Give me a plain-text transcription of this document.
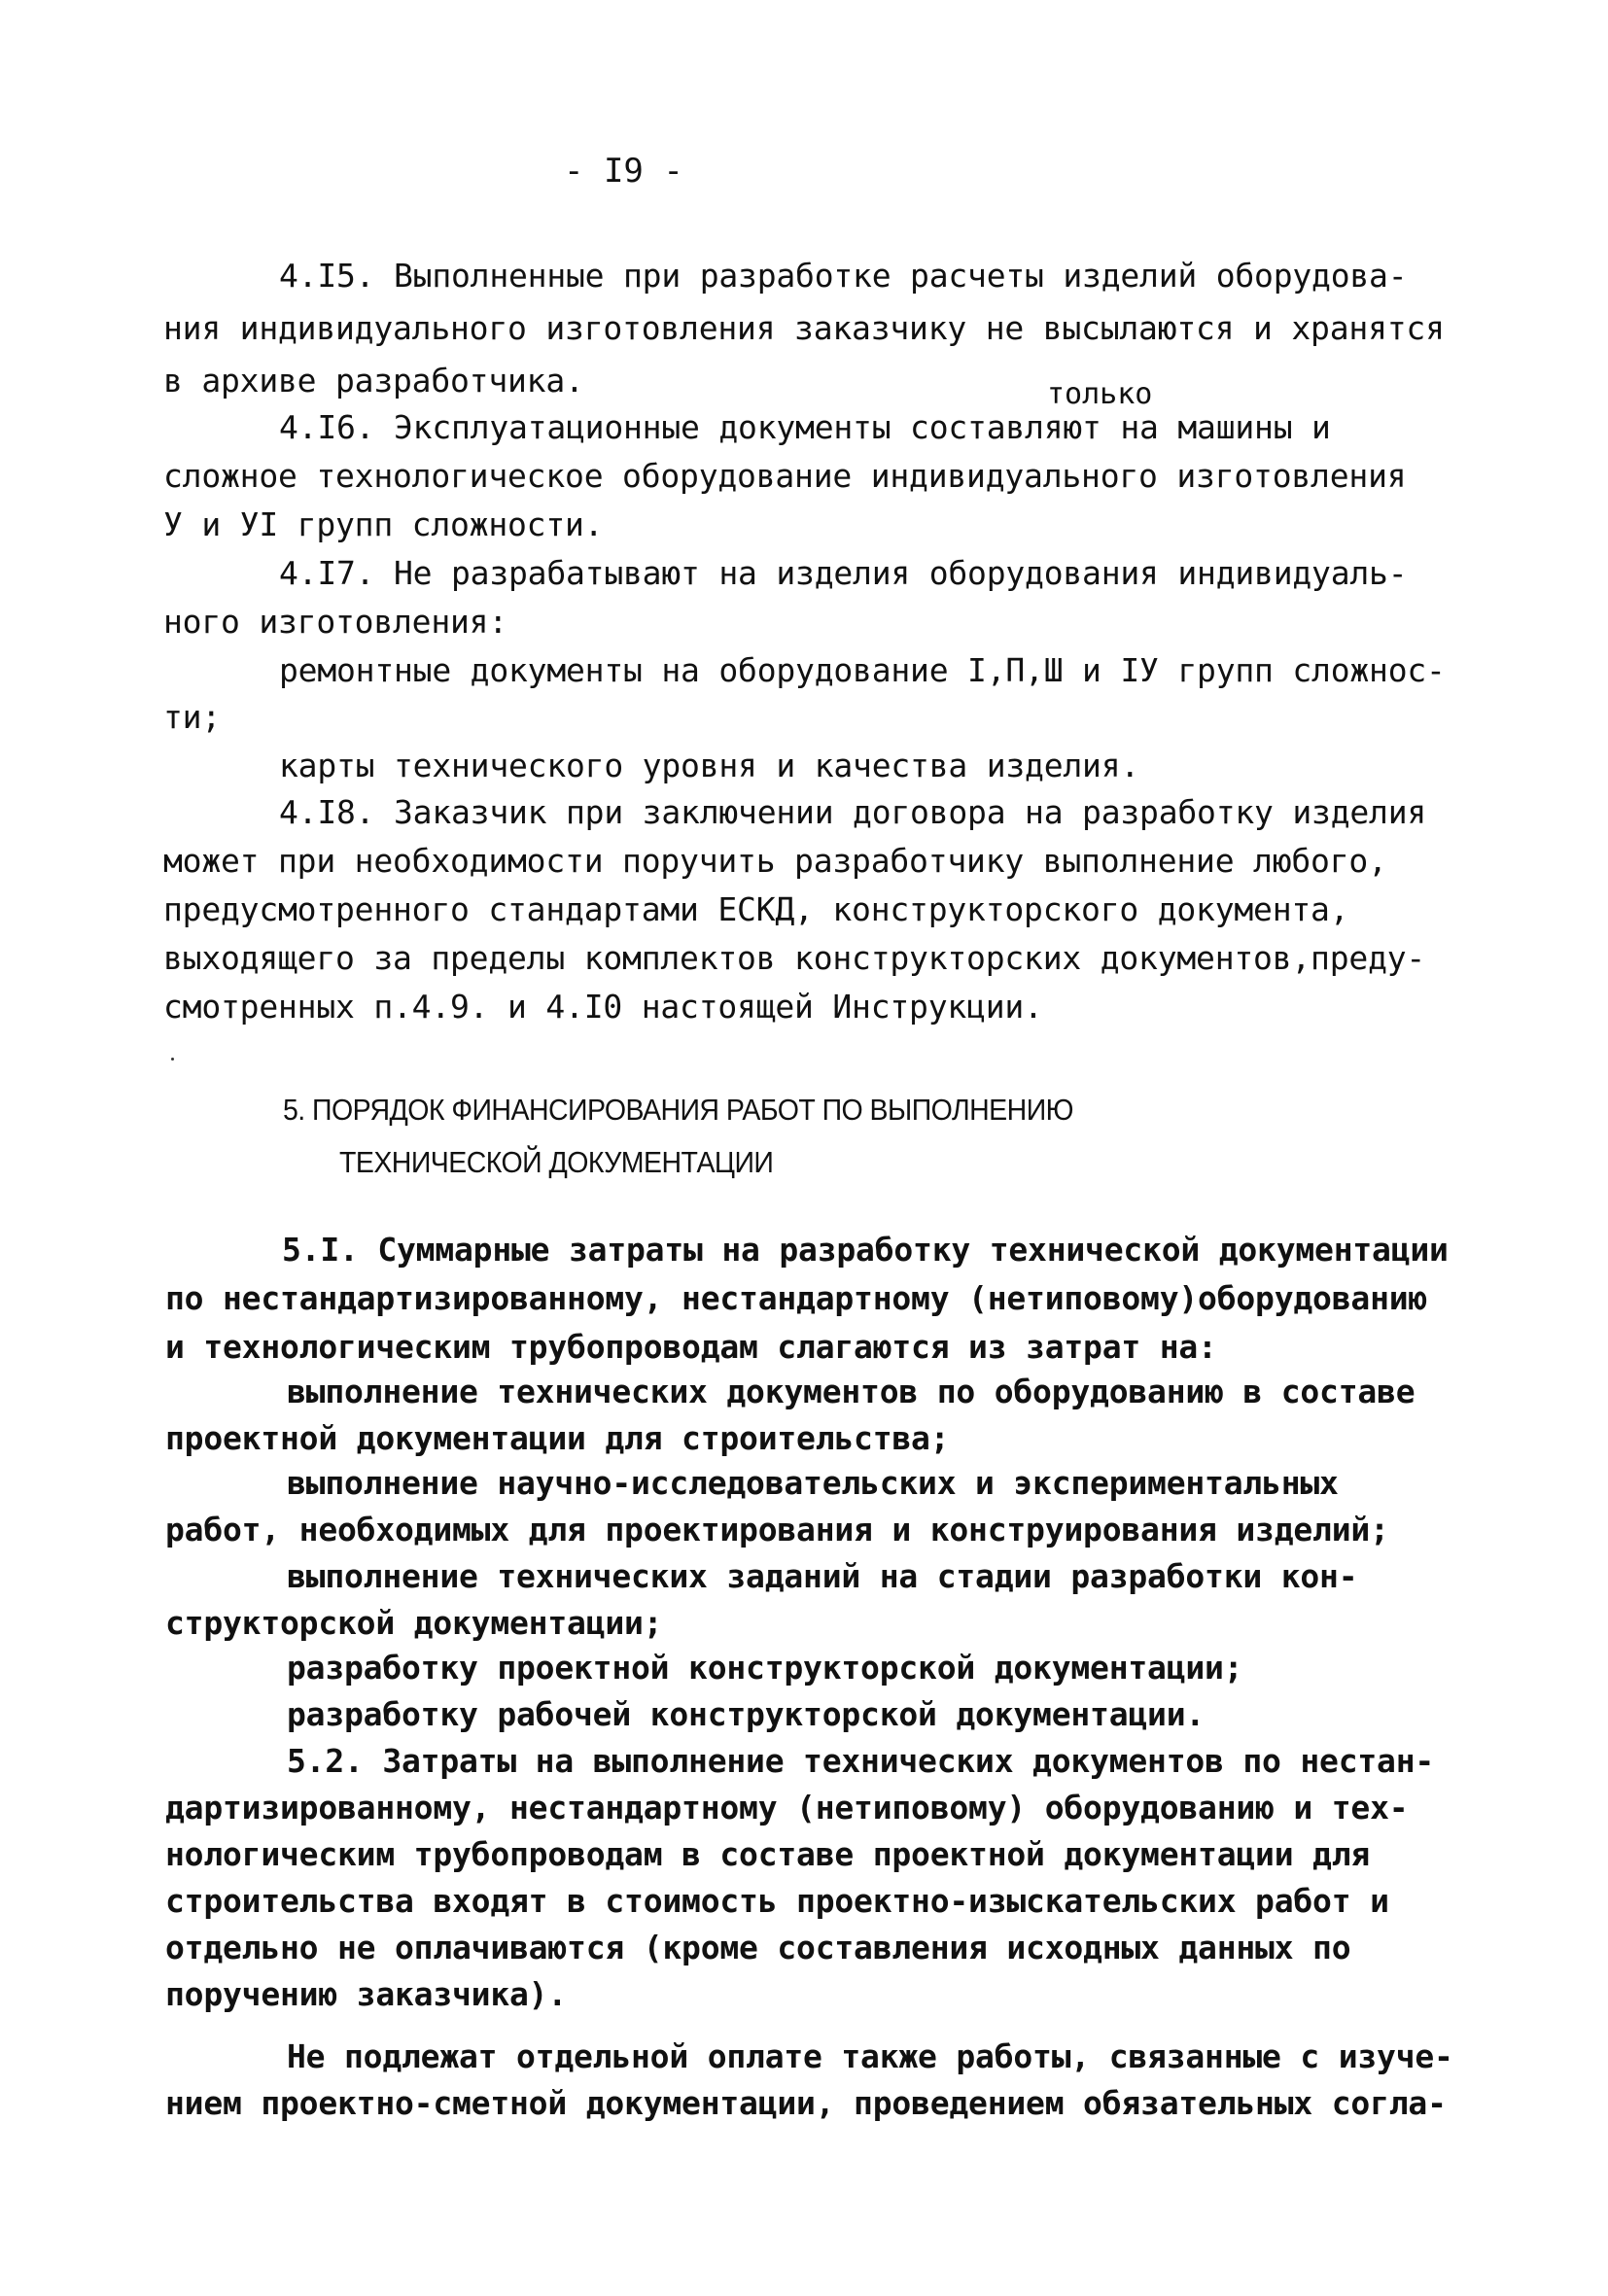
- I9 -
4.I5. Выполненные при разработке расчеты изделий оборудова-
ния индивидуального изготовления заказчику не высылаются и хранятся
в архиве разработчика.	только
4.I6. Эксплуатационные документы составляют на машины и
сложное технологическое оборудование индивидуального изготовления
У и УI групп сложности.
4.I7. Не разрабатывают на изделия оборудования индивидуаль-
ного изготовления:
ремонтные документы на оборудование I,П,Ш и IУ групп сложнос-
ти;
карты технического уровня и качества изделия.
4.I8. Заказчик при заключении договора на разработку изделия
может при необходимости поручить разработчику выполнение любого,
предусмотренного стандартами ЕСКД, конструкторского документа,
выходящего за пределы комплектов конструкторских документов,преду-
смотренных п.4.9. и 4.I0 настоящей Инструкции.
5. ПОРЯДОК ФИНАНСИРОВАНИЯ РАБОТ ПО ВЫПОЛНЕНИЮ
ТЕХНИЧЕСКОЙ ДОКУМЕНТАЦИИ
5.I. Суммарные затраты на разработку технической документации
по нестандартизированному, нестандартному (нетиповому)оборудованию
и технологическим трубопроводам слагаются из затрат на:
выполнение технических документов по оборудованию в составе
проектной документации для строительства;
выполнение научно-исследовательских и экспериментальных
работ, необходимых для проектирования и конструирования изделий;
выполнение технических заданий на стадии разработки кон-
структорской документации;
разработку проектной конструкторской документации;
разработку рабочей конструкторской документации.
5.2. Затраты на выполнение технических документов по нестан-
дартизированному, нестандартному (нетиповому) оборудованию и тех-
нологическим трубопроводам в составе проектной документации для
строительства входят в стоимость проектно-изыскательских работ и
отдельно не оплачиваются (кроме составления исходных данных по
поручению заказчика).
Не подлежат отдельной оплате также работы, связанные с изуче-
нием проектно-сметной документации, проведением обязательных согла-
